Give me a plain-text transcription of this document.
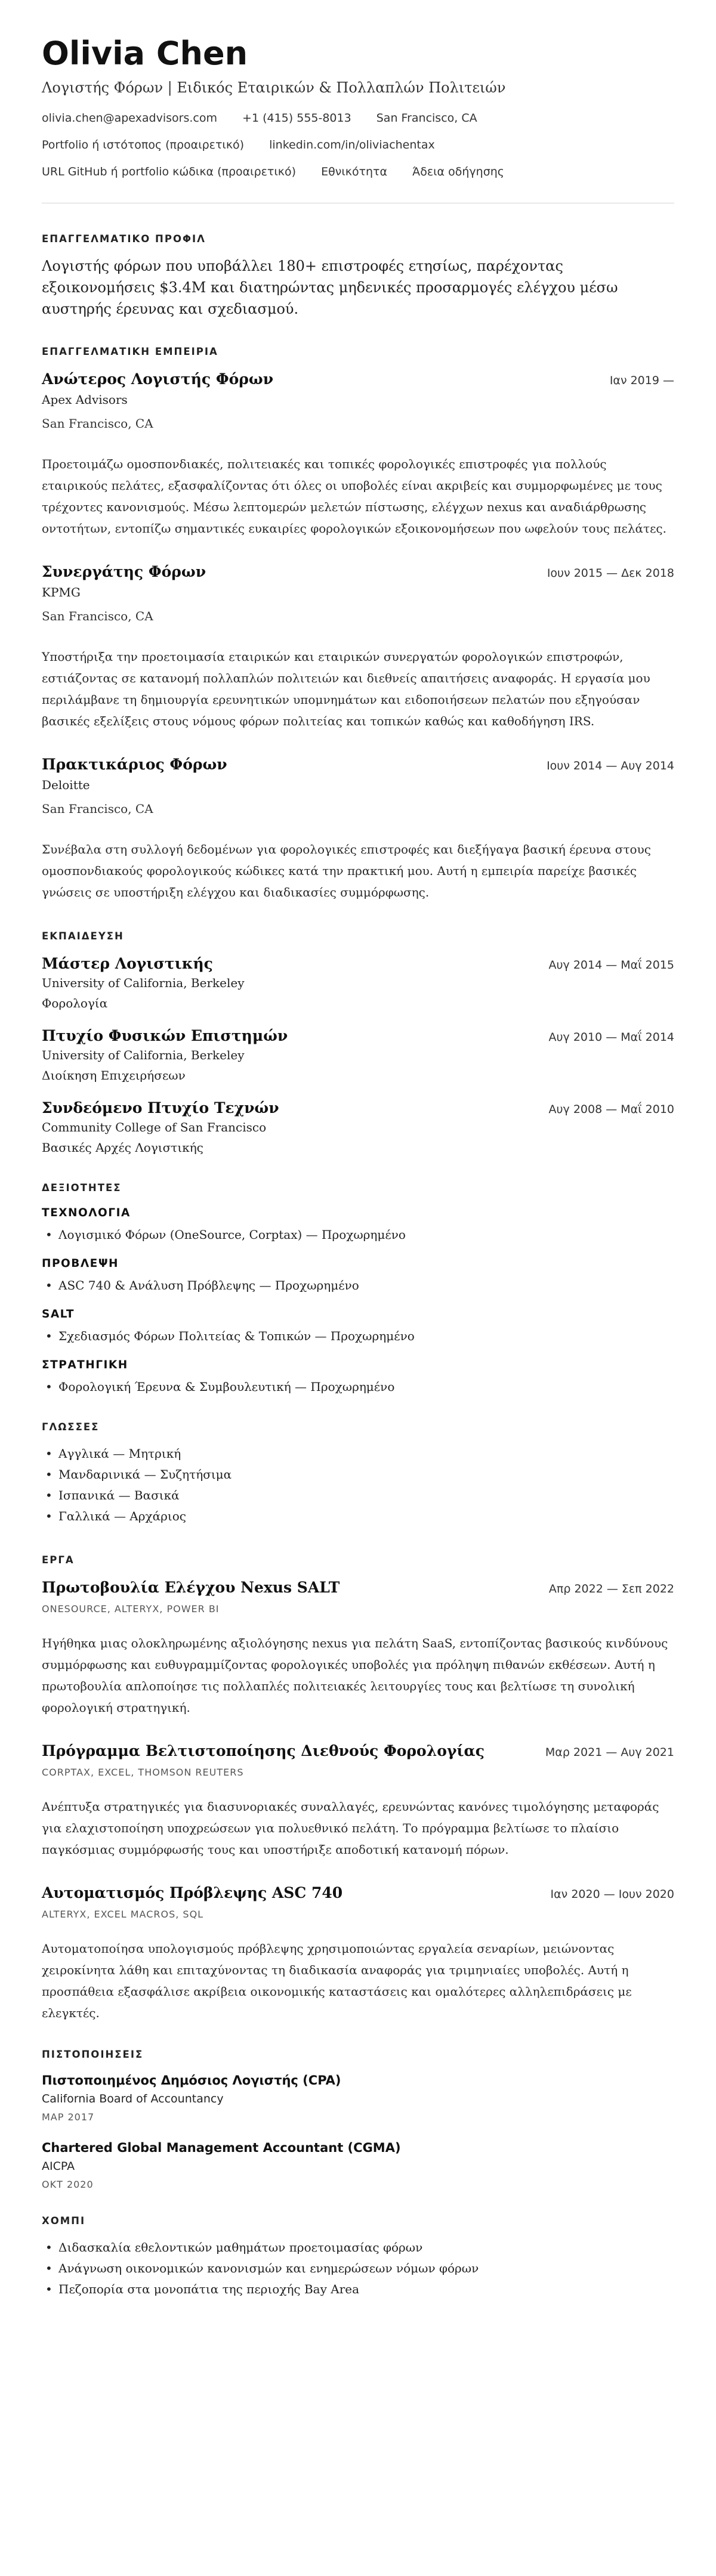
Olivia Chen
Λογιστής Φόρων | Ειδικός Εταιρικών & Πολλαπλών Πολιτειών
olivia.chen@apexadvisors.com +1 (415) 555-8013 San Francisco, CA
Portfolio ή ιστότοπος (προαιρετικό) linkedin.com/in/oliviachentax
URL GitHub ή portfolio κώδικα (προαιρετικό) Εθνικότητα Άδεια οδήγησης
ΕΠΑΓΓΕΛΜΑΤΙΚΟ ΠΡΟΦΙΛ
Λογιστής φόρων που υπoβάλλει 180+ επιστροφές ετησίως, παρέχοντας εξοικονομήσεις $3.4M και διατηρώντας μηδενικές προσαρμογές ελέγχου μέσω αυστηρής έρευνας και σχεδιασμού.
ΕΠΑΓΓΕΛΜΑΤΙΚΗ ΕΜΠΕΙΡΙΑ
Ανώτερος Λογιστής Φόρων	Ιαν 2019 —
Apex Advisors
San Francisco, CA
Προετοιμάζω ομοσπονδιακές, πολιτειακές και τοπικές φορολογικές επιστροφές για πολλούς εταιρικούς πελάτες, εξασφαλίζοντας ότι όλες οι υποβολές είναι ακριβείς και συμμορφωμένες με τους τρέχοντες κανονισμούς. Μέσω λεπτομερών μελετών πίστωσης, ελέγχων nexus και αναδιάρθρωσης οντοτήτων, εντοπίζω σημαντικές ευκαιρίες φορολογικών εξοικονομήσεων που ωφελούν τους πελάτες.
Συνεργάτης Φόρων	Ιουν 2015 — Δεκ 2018
KPMG
San Francisco, CA
Υποστήριξα την προετοιμασία εταιρικών και εταιρικών συνεργατών φορολογικών επιστροφών, εστιάζοντας σε κατανομή πολλαπλών πολιτειών και διεθνείς απαιτήσεις αναφοράς. Η εργασία μου περιλάμβανε τη δημιουργία ερευνητικών υπομνημάτων και ειδοποιήσεων πελατών που εξηγούσαν βασικές εξελίξεις στους νόμους φόρων πολιτείας και τοπικών καθώς και καθοδήγηση IRS.
Πρακτικάριος Φόρων	Ιουν 2014 — Αυγ 2014
Deloitte
San Francisco, CA
Συνέβαλα στη συλλογή δεδομένων για φορολογικές επιστροφές και διεξήγαγα βασική έρευνα στους ομοσπονδιακούς φορολογικούς κώδικες κατά την πρακτική μου. Αυτή η εμπειρία παρείχε βασικές γνώσεις σε υποστήριξη ελέγχου και διαδικασίες συμμόρφωσης.
ΕΚΠΑΙΔΕΥΣΗ
Μάστερ Λογιστικής	Αυγ 2014 — Μαΐ 2015
University of California, Berkeley
Φορολογία
Πτυχίο Φυσικών Επιστημών	Αυγ 2010 — Μαΐ 2014
University of California, Berkeley
Διοίκηση Επιχειρήσεων
Συνδεόμενο Πτυχίο Τεχνών	Αυγ 2008 — Μαΐ 2010
Community College of San Francisco
Βασικές Αρχές Λογιστικής
ΔΕΞΙΟΤΗΤΕΣ
ΤΕΧΝΟΛΟΓΙΑ
• Λογισμικό Φόρων (OneSource, Corptax) — Προχωρημένο
ΠΡΟΒΛΕΨΗ
• ASC 740 & Ανάλυση Πρόβλεψης — Προχωρημένο
SALT
• Σχεδιασμός Φόρων Πολιτείας & Τοπικών — Προχωρημένο
ΣΤΡΑΤΗΓΙΚΗ
• Φορολογική Έρευνα & Συμβουλευτική — Προχωρημένο
ΓΛΩΣΣΕΣ
• Αγγλικά — Μητρική
• Μανδαρινικά — Συζητήσιμα
• Ισπανικά — Βασικά
• Γαλλικά — Αρχάριος
ΕΡΓΑ
Πρωτοβουλία Ελέγχου Nexus SALT	Απρ 2022 — Σεπ 2022
ONESOURCE, ALTERYX, POWER BI
Ηγήθηκα μιας ολοκληρωμένης αξιολόγησης nexus για πελάτη SaaS, εντοπίζοντας βασικούς κινδύνους συμμόρφωσης και ευθυγραμμίζοντας φορολογικές υποβολές για πρόληψη πιθανών εκθέσεων. Αυτή η πρωτοβουλία απλοποίησε τις πολλαπλές πολιτειακές λειτουργίες τους και βελτίωσε τη συνολική φορολογική στρατηγική.
Πρόγραμμα Βελτιστοποίησης Διεθνούς Φορολογίας	Μαρ 2021 — Αυγ 2021
CORPTAX, EXCEL, THOMSON REUTERS
Ανέπτυξα στρατηγικές για διασυνοριακές συναλλαγές, ερευνώντας κανόνες τιμολόγησης μεταφοράς για ελαχιστοποίηση υποχρεώσεων για πολυεθνικό πελάτη. Το πρόγραμμα βελτίωσε το πλαίσιο παγκόσμιας συμμόρφωσής τους και υποστήριξε αποδοτική κατανομή πόρων.
Αυτοματισμός Πρόβλεψης ASC 740	Ιαν 2020 — Ιουν 2020
ALTERYX, EXCEL MACROS, SQL
Αυτοματοποίησα υπολογισμούς πρόβλεψης χρησιμοποιώντας εργαλεία σεναρίων, μειώνοντας χειροκίνητα λάθη και επιταχύνοντας τη διαδικασία αναφοράς για τριμηνιαίες υποβολές. Αυτή η προσπάθεια εξασφάλισε ακρίβεια οικονομικής καταστάσεις και ομαλότερες αλληλεπιδράσεις με ελεγκτές.
ΠΙΣΤΟΠΟΙΗΣΕΙΣ
Πιστοποιημένος Δημόσιος Λογιστής (CPA)
California Board of Accountancy
ΜΑΡ 2017
Chartered Global Management Accountant (CGMA)
AICPA
ΟΚΤ 2020
ΧΟΜΠΙ
• Διδασκαλία εθελοντικών μαθημάτων προετοιμασίας φόρων
• Ανάγνωση οικονομικών κανονισμών και ενημερώσεων νόμων φόρων
• Πεζοπορία στα μονοπάτια της περιοχής Bay Area
